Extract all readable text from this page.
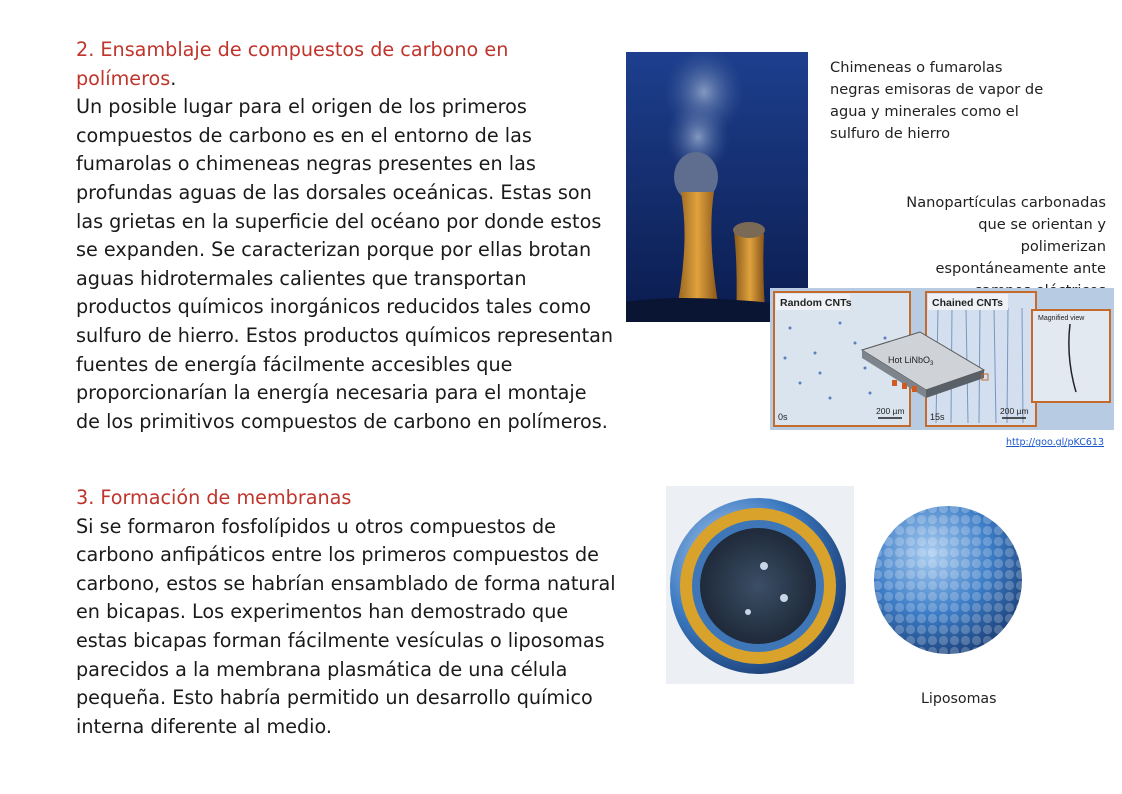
2. Ensamblaje de compuestos de carbono en
polímeros.
Un posible lugar para el origen de los primeros compuestos de carbono es en el entorno de las fumarolas o chimeneas negras presentes en las profundas aguas de las dorsales oceánicas. Estas son las grietas en la superficie del océano por donde estos se expanden. Se caracterizan porque por ellas brotan aguas hidrotermales calientes que transportan productos químicos inorgánicos reducidos tales como sulfuro de hierro. Estos productos químicos representan fuentes de energía fácilmente accesibles que proporcionarían la energía necesaria para el montaje de los primitivos compuestos de carbono en polímeros.
3. Formación de membranas
Si se formaron fosfolípidos u otros compuestos de carbono anfipáticos entre los primeros compuestos de carbono, estos se habrían ensamblado de forma natural en bicapas. Los experimentos han demostrado que estas bicapas forman fácilmente vesículas o liposomas parecidos a la membrana plasmática de una célula pequeña. Esto habría permitido un desarrollo químico interna diferente al medio.
Chimeneas o fumarolas negras emisoras de vapor de agua y minerales como el sulfuro de hierro
Nanopartículas carbonadas que se orientan y polimerizan espontáneamente ante
Random CNTs	Chained CNTs
Magnified view
Hot LiNbO$_3$
0s	15s
200 µm	200 µm
http://goo.gl/pKC613
Liposomas
